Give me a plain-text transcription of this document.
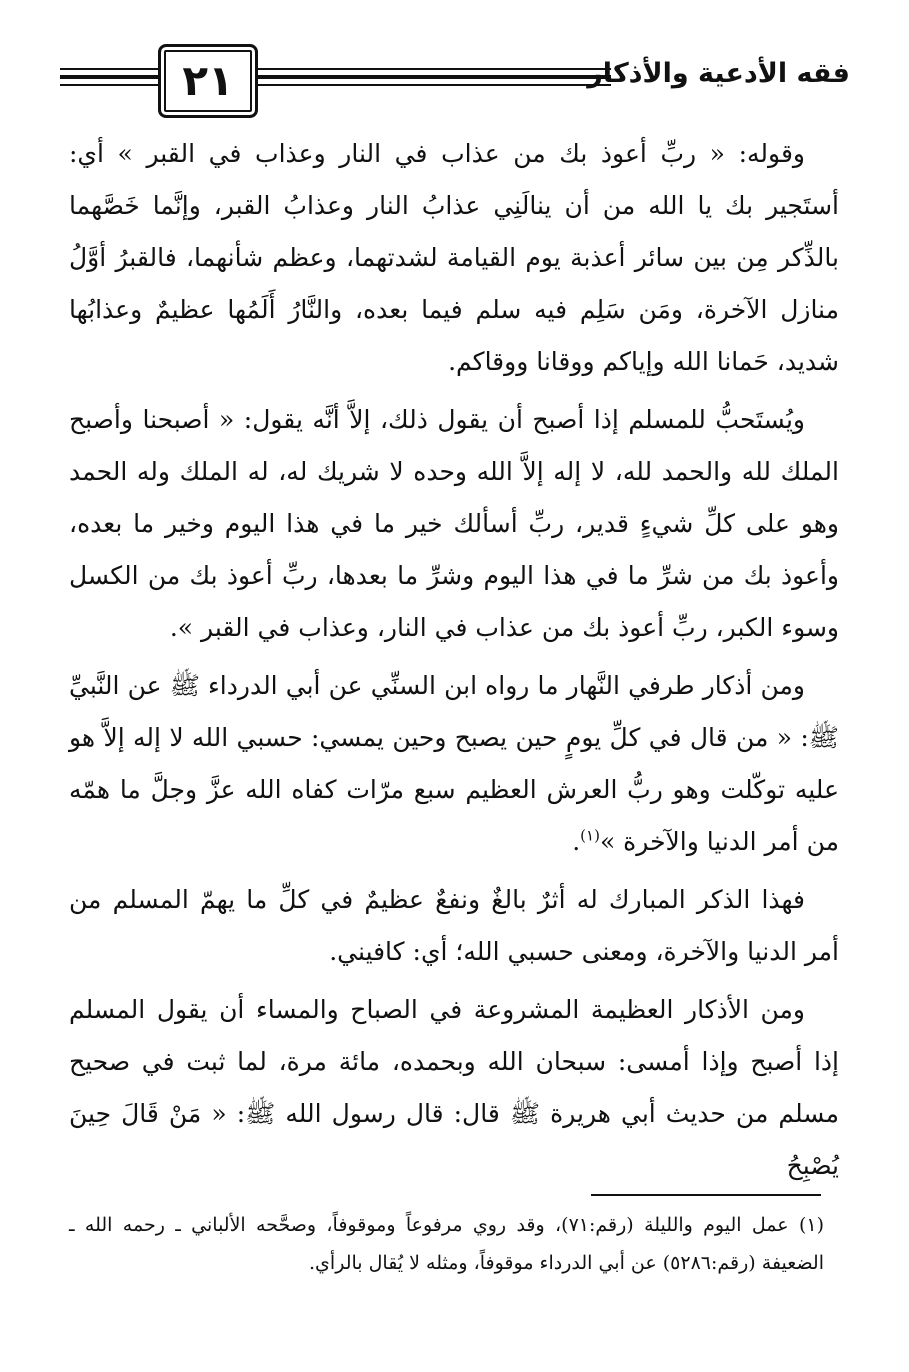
٢١	فقه الأدعية والأذكار

وقوله: « ربِّ أعوذ بك من عذاب في النار وعذاب في القبر » أي: أستَجير بك يا الله من أن ينالَنِي عذابُ النار وعذابُ القبر، وإنَّما خَصَّهما بالذِّكر مِن بين سائر أعذبة يوم القيامة لشدتهما، وعظم شأنهما، فالقبرُ أوَّلُ منازل الآخرة، ومَن سَلِم فيه سلم فيما بعده، والنَّارُ أَلَمُها عظيمٌ وعذابُها شديد، حَمانا الله وإياكم ووقانا ووقاكم.

ويُستَحبُّ للمسلم إذا أصبح أن يقول ذلك، إلاَّ أنَّه يقول: « أصبحنا وأصبح الملك لله والحمد لله، لا إله إلاَّ الله وحده لا شريك له، له الملك وله الحمد وهو على كلِّ شيءٍ قدير، ربِّ أسألك خير ما في هذا اليوم وخير ما بعده، وأعوذ بك من شرِّ ما في هذا اليوم وشرِّ ما بعدها، ربِّ أعوذ بك من الكسل وسوء الكبر، ربِّ أعوذ بك من عذاب في النار، وعذاب في القبر ».

ومن أذكار طرفي النَّهار ما رواه ابن السنِّي عن أبي الدرداء ﷺ عن النَّبيِّ ﷺ: « من قال في كلِّ يومٍ حين يصبح وحين يمسي: حسبي الله لا إله إلاَّ هو عليه توكّلت وهو ربُّ العرش العظيم سبع مرّات كفاه الله عزَّ وجلَّ ما همّه من أمر الدنيا والآخرة »$^{(١)}$.

فهذا الذكر المبارك له أثرٌ بالغٌ ونفعٌ عظيمٌ في كلِّ ما يهمّ المسلم من أمر الدنيا والآخرة، ومعنى حسبي الله؛ أي: كافيني.

ومن الأذكار العظيمة المشروعة في الصباح والمساء أن يقول المسلم إذا أصبح وإذا أمسى: سبحان الله وبحمده، مائة مرة، لما ثبت في صحيح مسلم من حديث أبي هريرة ﷺ قال: قال رسول الله ﷺ: « مَنْ قَالَ حِينَ يُصْبِحُ

(١) عمل اليوم والليلة (رقم:٧١)، وقد روي مرفوعاً وموقوفاً، وصحَّحه الألباني ـ رحمه الله ـ الضعيفة (رقم:٥٢٨٦) عن أبي الدرداء موقوفاً، ومثله لا يُقال بالرأي.
